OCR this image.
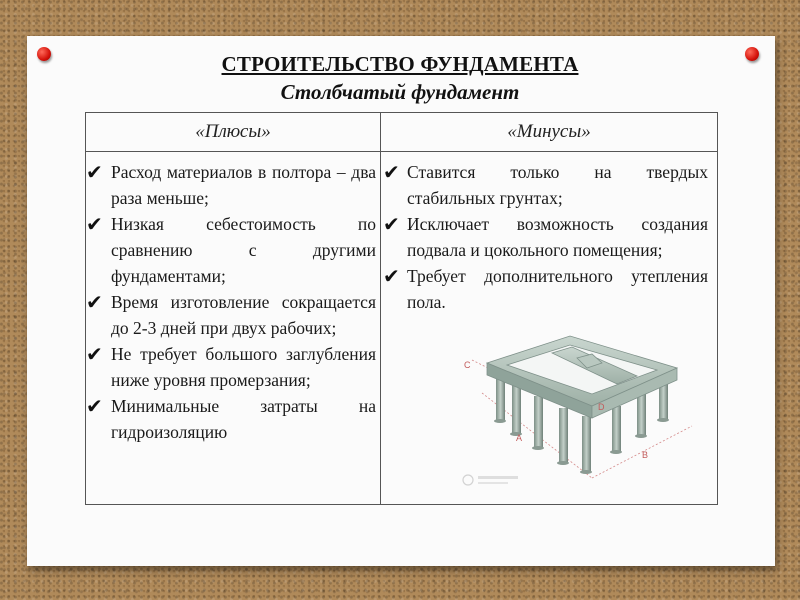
СТРОИТЕЛЬСТВО ФУНДАМЕНТА
Столбчатый фундамент
«Плюсы»	«Минусы»
✔ Расход материалов в полтора – два раза меньше;
✔ Низкая себестоимость по сравнению с другими фундаментами;
✔ Время изготовление сокращается до 2-3 дней при двух рабочих;
✔ Не требует большого заглубления ниже уровня промерзания;
✔ Минимальные затраты на гидроизоляцию
✔ Ставится только на твердых стабильных грунтах;
✔ Исключает возможность создания подвала и цокольного помещения;
✔ Требует дополнительного утепления пола.
C
D
A
B
